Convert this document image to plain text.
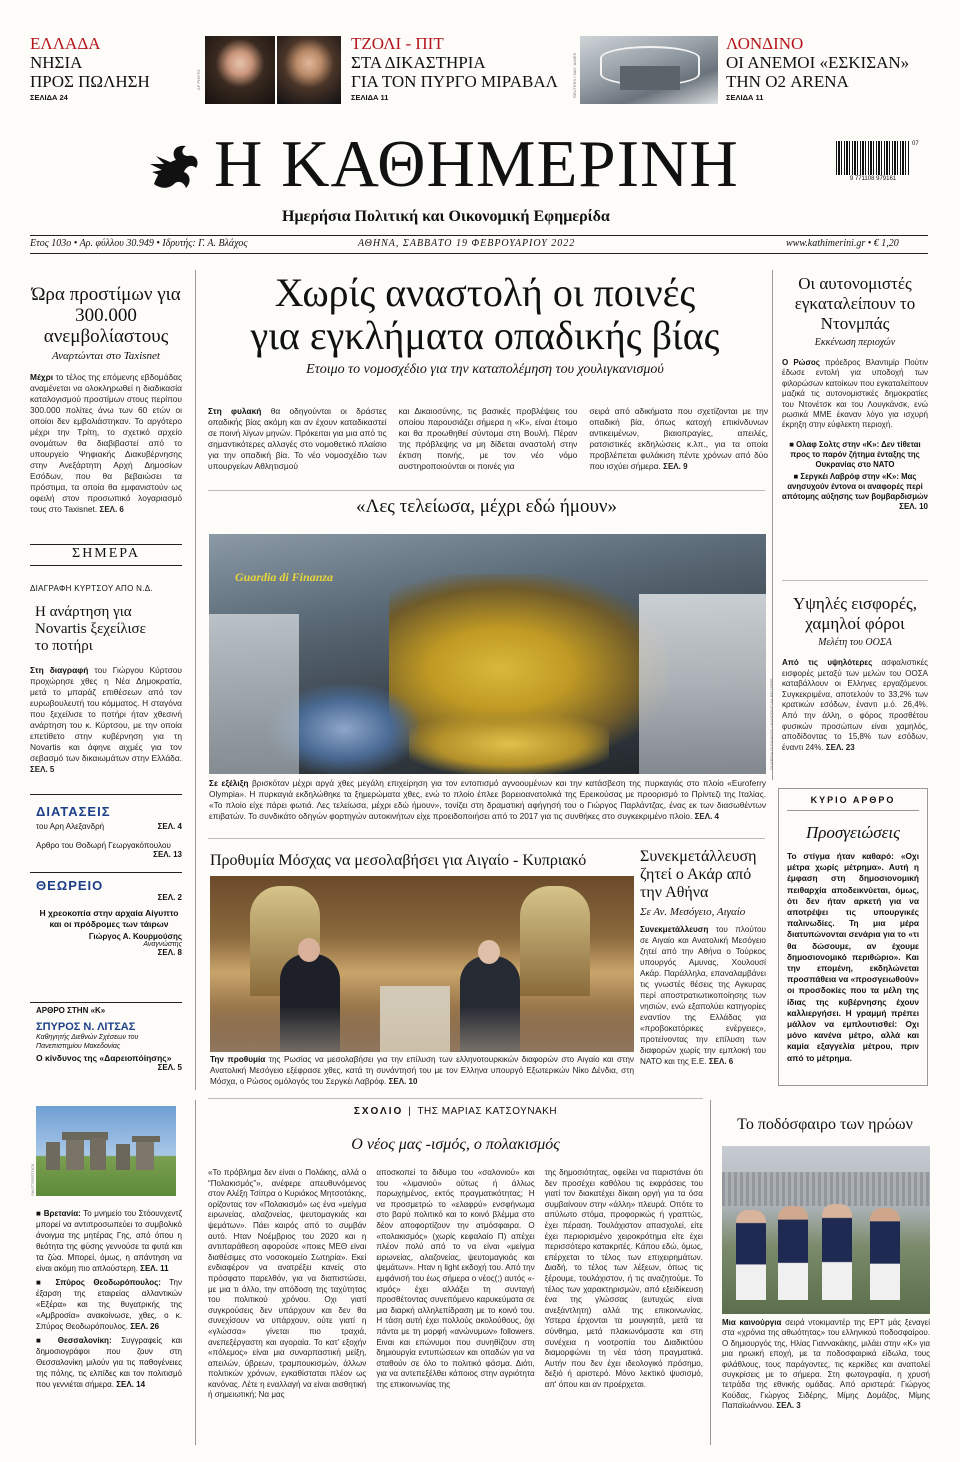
ΕΛΛΑΔΑ
ΝΗΣΙΑ
ΠΡΟΣ ΠΩΛΗΣΗ
ΣΕΛΙΔΑ 24
AP PHOTO
ΤΖΟΛΙ - ΠΙΤ
ΣΤΑ ΔΙΚΑΣΤΗΡΙΑ
ΓΙΑ ΤΟΝ ΠΥΡΓΟ ΜΙΡΑΒΑΛ
ΣΕΛΙΔΑ 11	REUTERS / MAY JAMES
ΛΟΝΔΙΝΟ
ΟΙ ΑΝΕΜΟΙ «ΕΣΚΙΣΑΝ»
ΤΗΝ Ο2 ARENA
ΣΕΛΙΔΑ 11
Η ΚΑΘΗΜΕΡΙΝΗ
Ημερήσια Πολιτική και Οικονομική Εφημερίδα
9 771108 979161
07
Ετος 103ο • Αρ. φύλλου 30.949 • Ιδρυτής: Γ. Α. Βλάχος	ΑΘΗΝΑ, ΣΑΒΒΑΤΟ 19 ΦΕΒΡΟΥΑΡΙΟΥ 2022	www.kathimerini.gr • € 1,20
Ώρα προστίμων για 300.000 ανεμβολίαστους
Αναρτώνται στο Taxisnet
Μέχρι το τέλος της επόμενης εβδομάδας αναμένεται να ολοκληρωθεί η διαδικασία καταλογισμού προστίμων στους περίπου 300.000 πολίτες άνω των 60 ετών οι οποίοι δεν εμβολιάστηκαν. Το αργότερο μέχρι την Τρίτη, το σχετικό αρχείο ονομάτων θα διαβιβαστεί από το υπουργείο Ψηφιακής Διακυβέρνησης στην Ανεξάρτητη Αρχή Δημοσίων Εσόδων, που θα βεβαιώσει τα πρόστιμα, τα οποία θα εμφανιστούν ως οφειλή στον προσωπικό λογαριασμό τους στο Taxisnet. ΣΕΛ. 6
ΣΗΜΕΡΑ
ΔΙΑΓΡΑΦΗ ΚΥΡΤΣΟΥ ΑΠΟ Ν.Δ.
Η ανάρτηση για Novartis ξεχείλισε το ποτήρι
Στη διαγραφή του Γιώργου Κύρτσου προχώρησε χθες η Νέα Δημοκρατία, μετά το μπαράζ επιθέσεων από τον ευρωβουλευτή του κόμματος. Η σταγόνα που ξεχείλισε το ποτήρι ήταν χθεσινή ανάρτηση του κ. Κύρτσου, με την οποία επετίθετο στην κυβέρνηση για τη Novartis και άφηνε αιχμές για τον σεβασμό των δικαιωμάτων στην Ελλάδα. ΣΕΛ. 5
ΔΙΑΤΑΣΕΙΣ
του Αρη Αλεξανδρή	ΣΕΛ. 4
Αρθρο του Θοδωρή Γεωργακόπουλου
ΣΕΛ. 13
ΘΕΩΡΕΙΟ
ΣΕΛ. 2
Η χρεοκοπία στην αρχαία Αίγυπτο και οι πρόδρομες των τάιρων
Γιώργος Α. Κουρμούσης
Αναγνώστης
ΣΕΛ. 8
ΑΡΘΡΟ ΣΤΗΝ «Κ»
ΣΠΥΡΟΣ Ν. ΛΙΤΣΑΣ
Καθηγητής Διεθνών Σχέσεων του Πανεπιστημίου Μακεδονίας
Ο κίνδυνος της «Δαρειοπόίησης»
ΣΕΛ. 5
SHUTTERSTOCK
■ Βρετανία: Το μνημείο του Στόουνχεντζ μπορεί να αντιπροσωπεύει το συμβολικό άνοιγμα της μητέρας Γης, από όπου η θεότητα της φύσης γεννούσε τα φυτά και τα ζώα. Μπορεί, όμως, η απάντηση να είναι ακόμη πιο απλούστερη. ΣΕΛ. 11
■ Σπύρος Θεοδωρόπουλος: Την έξαρση της εταιρείας αλλαντικών «Εξέρα» και της θυγατρικής της «Αμβροσία» ανακοίνωσε, χθες, ο κ. Σπύρος Θεοδωρόπουλος. ΣΕΛ. 26
■ Θεσσαλονίκη: Συγγραφείς και δημοσιογράφοι που ζουν στη Θεσσαλονίκη μιλούν για τις παθογένειες της πόλης, τις ελπίδες και τον πολιτισμό που γεννιέται σήμερα. ΣΕΛ. 14
Χωρίς αναστολή οι ποινές
για εγκλήματα οπαδικής βίας
Ετοιμο το νομοσχέδιο για την καταπολέμηση του χουλιγκανισμού
Στη φυλακή θα οδηγούνται οι δράστες οπαδικής βίας ακόμη και αν έχουν καταδικαστεί σε ποινή λίγων μηνών. Πρόκειται για μια από τις σημαντικότερες αλλαγές στο νομοθετικό πλαίσιο για την οπαδική βία. Το νέο νομοσχέδιο των υπουργείων Αθλητισμού
και Δικαιοσύνης, τις βασικές προβλέψεις του οποίου παρουσιάζει σήμερα η «Κ», είναι έτοιμο και θα προωθηθεί σύντομα στη Βουλή. Πέραν της πρόβλεψης να μη δίδεται αναστολή στην έκτιση ποινής, με τον νέο νόμο αυστηροποιούνται οι ποινές για
σειρά από αδικήματα που σχετίζονται με την οπαδική βία, όπως κατοχή επικίνδυνων αντικειμένων, βιαιοπραγίες, απειλές, ρατσιστικές εκδηλώσεις κ.λπ., για τα οποία προβλέπεται φυλάκιση πέντε χρόνων από δύο που ισχύει σήμερα. ΣΕΛ. 9
«Λες τελείωσα, μέχρι εδώ ήμουν»
Guardia di Finanza
GUARDIA DI FINANZA / HANDOUT VIA REUTERS
Σε εξέλιξη βρισκόταν μέχρι αργά χθες μεγάλη επιχείρηση για τον εντοπισμό αγνοουμένων και την κατάσβεση της πυρκαγιάς στο πλοίο «Euroferry Olympia». Η πυρκαγιά εκδηλώθηκε τα ξημερώματα χθες, ενώ το πλοίο έπλεε βορειοανατολικά της Ερεικούσας με προορισμό το Πρίντεζι της Ιταλίας. «Το πλοίο είχε πάρει φωτιά. Λες τελείωσα, μέχρι εδώ ήμουν», τονίζει στη δραματική αφήγησή του ο Γιώργος Παρλάντζας, ένας εκ των διασωθέντων επιβατών. Το συνδικάτο οδηγών φορτηγών αυτοκινήτων είχε προειδοποιήσει από το 2017 για τις συνθήκες στο συγκεκριμένο πλοίο. ΣΕΛ. 4
Προθυμία Μόσχας να μεσολαβήσει για Αιγαίο - Κυπριακό
Την προθυμία της Ρωσίας να μεσολαβήσει για την επίλυση των ελληνοτουρκικών διαφορών στο Αιγαίο και στην Ανατολική Μεσόγειο εξέφρασε χθες, κατά τη συνάντησή του με τον Ελληνα υπουργό Εξωτερικών Νίκο Δένδια, στη Μόσχα, ο Ρώσος ομόλογός του Σεργκέι Λαβρόφ. ΣΕΛ. 10
Συνεκμετάλλευση ζητεί ο Ακάρ από την Αθήνα
Σε Αν. Μεσόγειο, Αιγαίο
Συνεκμετάλλευση του πλούτου σε Αιγαίο και Ανατολική Μεσόγειο ζητεί από την Αθήνα ο Τούρκος υπουργός Αμυνας, Χουλουσί Ακάρ. Παράλληλα, επαναλαμβάνει τις γνωστές θέσεις της Αγκυρας περί αποστρατιωτικοποίησης των νησιών, ενώ εξαπολύει κατηγορίες εναντίον της Ελλάδας για «προβοκατόρικες ενέργειες», προτείνοντας την επίλυση των διαφορών χωρίς την εμπλοκή του ΝΑΤΟ και της Ε.Ε. ΣΕΛ. 6
Οι αυτονομιστές εγκαταλείπουν το Ντονμπάς
Εκκένωση περιοχών
Ο Ρώσος πρόεδρος Βλαντιμίρ Πούτιν έδωσε εντολή για υποδοχή των φιλορώσων κατοίκων που εγκαταλείπουν μαζικά τις αυτονομιστικές δημοκρατίες του Ντονέτσκ και του Λουγκάνσκ, ενώ ρωσικά ΜΜΕ έκαναν λόγο για ισχυρή έκρηξη στην εύφλεκτη περιοχή.
■ Ολαφ Σολτς στην «Κ»: Δεν τίθεται προς το παρόν ζήτημα ένταξης της Ουκρανίας στο ΝΑΤΟ
■ Σεργκέι Λαβρόφ στην «Κ»: Μας ανησυχούν έντονα οι αναφορές περί απότομης αύξησης των βομβαρδισμών
ΣΕΛ. 10
Υψηλές εισφορές, χαμηλοί φόροι
Μελέτη του ΟΟΣΑ
Από τις υψηλότερες ασφαλιστικές εισφορές μεταξύ των μελών του ΟΟΣΑ καταβάλλουν οι Ελληνες εργαζόμενοι. Συγκεκριμένα, αποτελούν το 33,2% των κρατικών εσόδων, έναντι μ.ό. 26,4%. Από την άλλη, ο φόρος προσθέτου φυσικών προσώπων είναι χαμηλός, αποδίδοντας το 15,8% των εσόδων, έναντι 24%. ΣΕΛ. 23
ΚΥΡΙΟ ΑΡΘΡΟ
Προσγειώσεις
Το στίγμα ήταν καθαρό: «Οχι μέτρα χωρίς μέτρημα». Αυτή η έμφαση στη δημοσιονομική πειθαρχία αποδεικνύεται, όμως, ότι δεν ήταν αρκετή για να αποτρέψει τις υπουργικές παλινωδίες. Τη μια μέρα διατυπώνονται σενάρια για το «τι θα δώσουμε, αν έχουμε δημοσιονομικό περιθώριο». Και την επομένη, εκδηλώνεται προσπάθεια να «προσγειωθούν» οι προσδοκίες που τα μέλη της ίδιας της κυβέρνησης έχουν καλλιεργήσει. Η γραμμή πρέπει μάλλον να εμπλουτισθεί: Οχι μόνο κανένα μέτρο, αλλά και καμία εξαγγελία μέτρου, πριν από το μέτρημα.
ΣΧΟΛΙΟ | ΤΗΣ ΜΑΡΙΑΣ ΚΑΤΣΟΥΝΑΚΗ
Ο νέος μας -ισμός, ο πολακισμός
«Το πρόβλημα δεν είναι ο Πολάκης, αλλά ο “Πολακισμός”», ανέφερε απευθυνόμενος στον Αλέξη Τσίπρα ο Κυριάκος Μητσοτάκης, ορίζοντας τον «Πολακισμό» ως ένα «μείγμα ειρωνείας, αλαζονείας, ψευτομαγκιάς και ψεμάτων». Πάει καιρός από το συμβάν αυτό. Ηταν Νοέμβριος του 2020 και η αντιπαράθεση αφορούσε «ποιες ΜΕΘ είναι διαθέσιμες στο νοσοκομείο Σωτηρία». Εκεί ενδιαφέρον να ανατρέξει κανείς στο πρόσφατο παρελθόν, για να διαπιστώσει, με μια τι άλλο, την απόδοση της ταχύτητας του πολιτικού χρόνου. Οχι γιατί συγκρούσεις δεν υπάρχουν και δεν θα συνεχίσουν να υπάρχουν, ούτε γιατί η «γλώσσα» γίνεται πιο τραχιά, ανεπεξέργαστη και αγοραία. Το κατ’ εξοχήν «πόλεμος» είναι μια συναρπαστική μείξη, απειλών, ύβρεων, τραμπουκισμών, άλλων πολιτικών χρόνων, εγκαθίσταται πλέον ως κανόνας. Λέτε η εναλλαγή να είναι αισθητική ή σημειωτική; Να μας
αποσκοπεί το διδυμο του «σαλονιού» και του «λιμανιού» ούτως ή άλλως παρωχημένος, εκτός πραγματικότητας; Η να προσμετρώ το «ελαφρύ» ενσφήνωμα στο βαρύ πολιτικό και το κοινό βλέμμα στο δέον αποφορτίζουν την ατμόσφαιρα. Ο «πολακισμός» (χωρίς κεφαλαίο Π) απέχει πλέον πολύ από το να είναι «μείγμα ειρωνείας, αλαζονείας, ψευτομαγκιάς και ψεμάτων». Ηταν η light εκδοχή του. Από την εμφάνισή του έως σήμερα ο νέος(;) αυτός «-ισμός» έχει αλλάξει τη συνταγή προσθέτοντας συνεπόμενο καρυκεύματα σε μια διαρκή αλληλεπίδραση με το κοινό του. Η τάση αυτή έχει πολλούς ακολούθους, όχι πάντα με τη μορφή «ανώνυμων» followers. Ειναι και επώνυμοι που συνηθίζουν στη δημιουργία εντυπώσεων και οπαδών για να σταθούν σε όλο το πολιτικό φάσμα. Διότι, για να αντεπεξέλθει κάποιος στην αγριότητα της επικοινωνίας της
της δημοσιότητας, οφείλει να παριστάνει ότι δεν προσέχει καθόλου τις εκφράσεις του γιατί τον διακατέχει δίκαιη οργή για τα όσα συμβαίνουν στην «άλλη» πλευρά. Οπότε το απύλωτο στόμα, προφορικώς ή γραπτώς, έχει πέραση. Τουλάχιστον απασχολεί, είτε έχει περιορισμένο χειροκρότημα είτε έχει περισσότερο κατακριτές. Κάπου εδώ, όμως, επέρχεται το τέλος των επιχειρημάτων. Διαδή, το τέλος των λέξεων, όπως τις ξέρουμε, τουλάχιστον, ή τις αναζητούμε. Το τέλος των χαρακτηρισμών, από εξειδίκευση ένα της γλώσσας (ευτυχώς είναι ανεξάντλητη) αλλά της επικοινωνίας. Υστερα έρχονται τα μουγκητά, μετά τα σύνθημα, μετά πλακωνόμαστε και στη συνέχεια η νοοτροπία του Διαδικτύου διαμορφώνει τη νέα τάση πραγματικά. Αυτήν που δεν έχει ιδεολογικό πρόσημο, δεξιό ή αριστερό. Μόνο λεκτικό ψυσισμό, απ' όπου και αν προέρχεται.
Το ποδόσφαιρο των ηρώων
Μια καινούργια σειρά ντοκιμαντέρ της ΕΡΤ μάς ξεναγεί στα «χρόνια της αθωότητας» του ελληνικού ποδοσφαίρου. Ο δημιουργός της, Ηλίας Γιαννακάκης, μιλάει στην «Κ» για μια ηρωική εποχή, με τα ποδοσφαιρικά είδωλα, τους φιλάθλους, τους παράγοντες, τις κερκίδες και αναπολεί συγκρίσεις με το σήμερα. Στη φωτογραφία, η χρυσή τετράδα της εθνικής ομάδας. Από αριστερά: Γιώργος Κούδας, Γιώργος Σιδέρης, Μίμης Δομάζος, Μίμης Παπαϊωάννου. ΣΕΛ. 3
